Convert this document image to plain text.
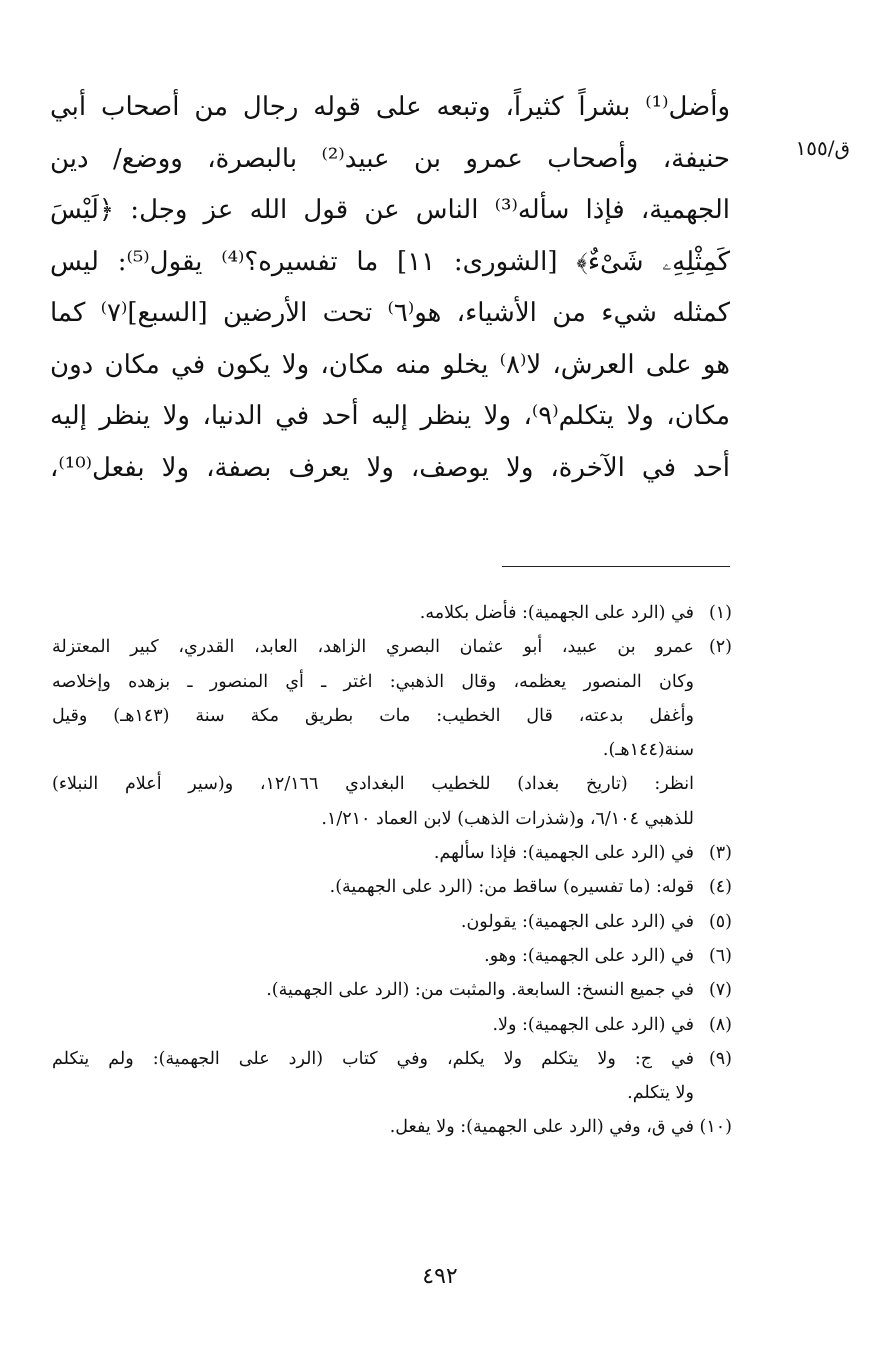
ق/١٥٥
وأضل⁽¹⁾ بشراً كثيراً، وتبعه على قوله رجال من أصحاب أبي
حنيفة، وأصحاب عمرو بن عبيد⁽²⁾ بالبصرة، ووضع/ دين
الجهمية، فإذا سأله⁽³⁾ الناس عن قول الله عز وجل: ﴿لَيْسَ
كَمِثْلِهِۦ شَىْءٌ﴾ [الشورى: ١١] ما تفسيره؟⁽⁴⁾ يقول⁽⁵⁾: ليس
كمثله شيء من الأشياء، هو⁽٦⁾ تحت الأرضين [السبع]⁽٧⁾ كما
هو على العرش، لا⁽٨⁾ يخلو منه مكان، ولا يكون في مكان دون
مكان، ولا يتكلم⁽٩⁾، ولا ينظر إليه أحد في الدنيا، ولا ينظر إليه
أحد في الآخرة، ولا يوصف، ولا يعرف بصفة، ولا بفعل⁽¹⁰⁾،
(١)
في (الرد على الجهمية): فأضل بكلامه.
(٢)
عمرو بن عبيد، أبو عثمان البصري الزاهد، العابد، القدري، كبير المعتزلة
وكان المنصور يعظمه، وقال الذهبي: اغتر ـ أي المنصور ـ بزهده وإخلاصه
وأغفل بدعته، قال الخطيب: مات بطريق مكة سنة (١٤٣هـ) وقيل
سنة(١٤٤هـ).
انظر: (تاريخ بغداد) للخطيب البغدادي ١٢/١٦٦، و(سير أعلام النبلاء)
للذهبي ٦/١٠٤، و(شذرات الذهب) لابن العماد ١/٢١٠.
(٣)
في (الرد على الجهمية): فإذا سألهم.
(٤)
قوله: (ما تفسيره) ساقط من: (الرد على الجهمية).
(٥)
في (الرد على الجهمية): يقولون.
(٦)
في (الرد على الجهمية): وهو.
(٧)
في جميع النسخ: السابعة. والمثبت من: (الرد على الجهمية).
(٨)
في (الرد على الجهمية): ولا.
(٩)
في ج: ولا يتكلم ولا يكلم، وفي كتاب (الرد على الجهمية): ولم يتكلم
ولا يتكلم.
(١٠)
في ق، وفي (الرد على الجهمية): ولا يفعل.
٤٩٢
